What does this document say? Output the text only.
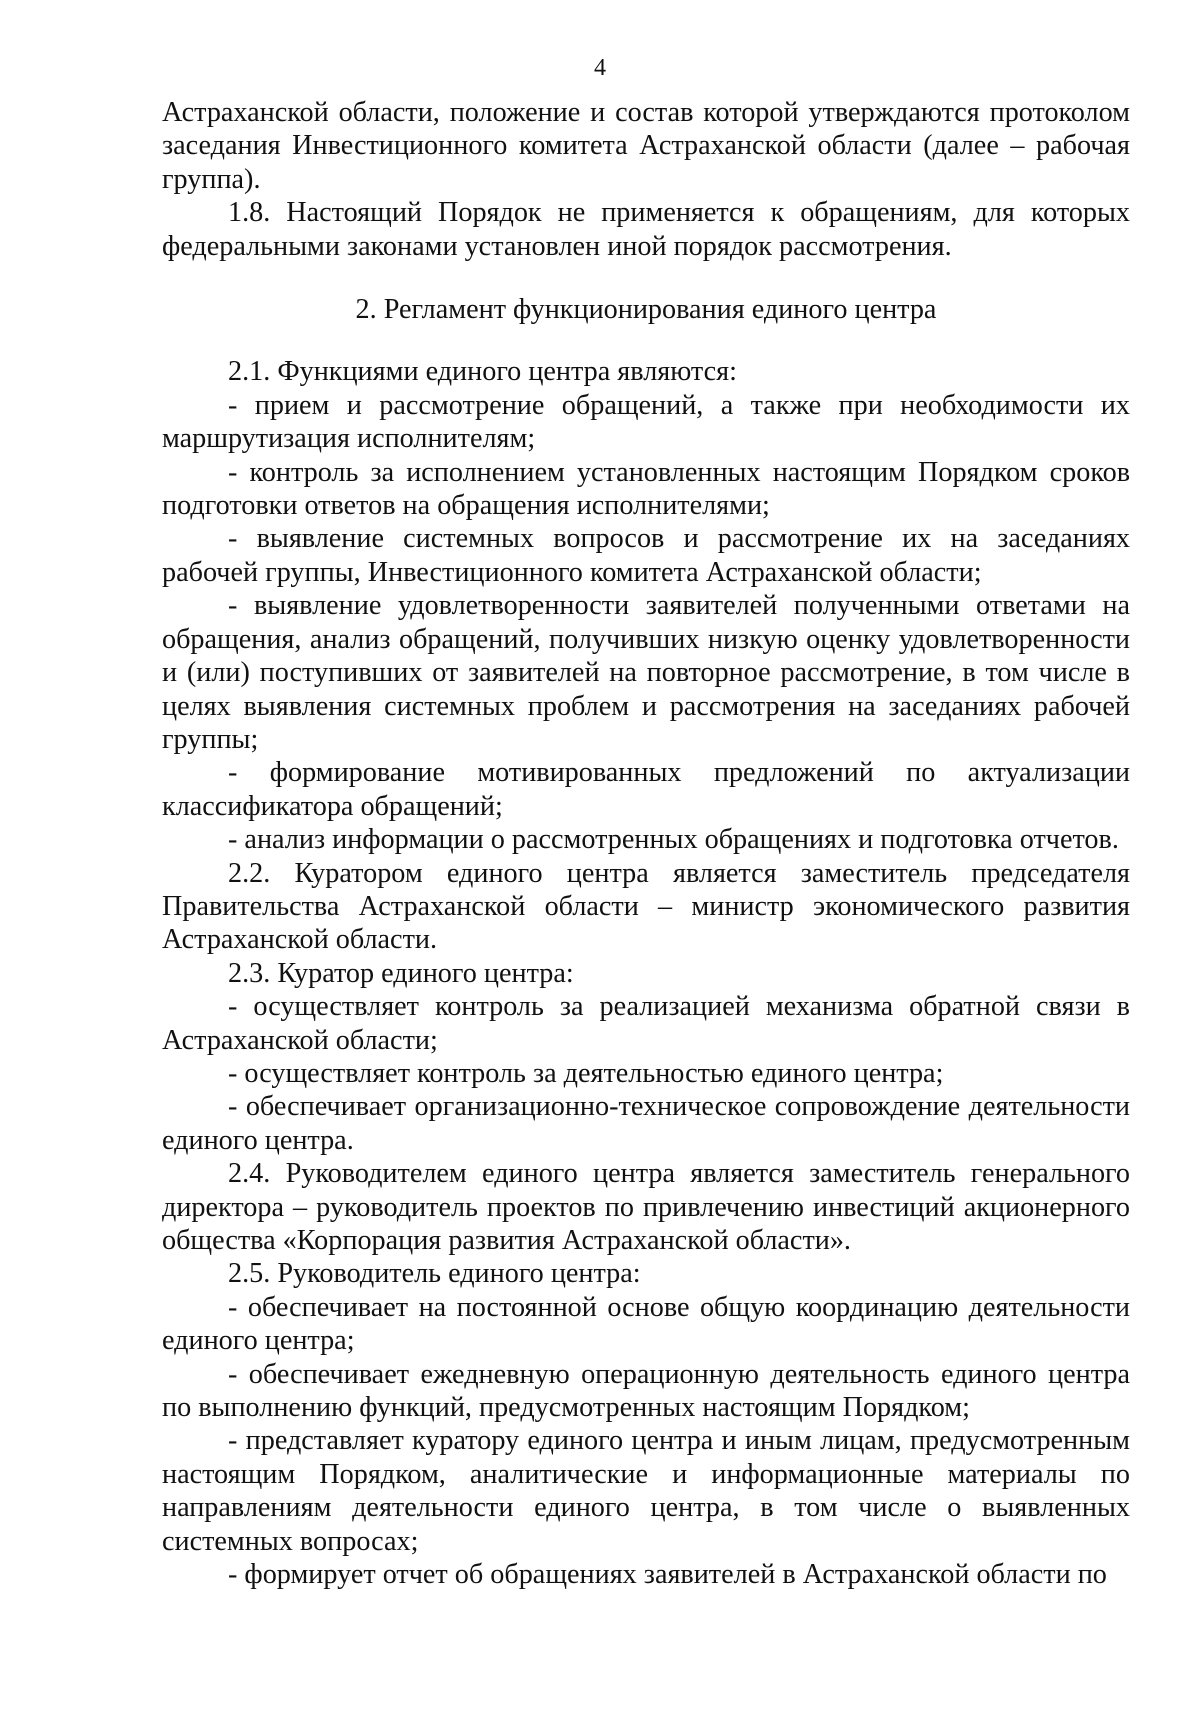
4

Астраханской области, положение и состав которой утверждаются протоколом заседания Инвестиционного комитета Астраханской области (далее – рабочая группа).

1.8. Настоящий Порядок не применяется к обращениям, для которых федеральными законами установлен иной порядок рассмотрения.

2. Регламент функционирования единого центра

2.1. Функциями единого центра являются:

- прием и рассмотрение обращений, а также при необходимости их маршрутизация исполнителям;

- контроль за исполнением установленных настоящим Порядком сроков подготовки ответов на обращения исполнителями;

- выявление системных вопросов и рассмотрение их на заседаниях рабочей группы, Инвестиционного комитета Астраханской области;

- выявление удовлетворенности заявителей полученными ответами на обращения, анализ обращений, получивших низкую оценку удовлетворенности и (или) поступивших от заявителей на повторное рассмотрение, в том числе в целях выявления системных проблем и рассмотрения на заседаниях рабочей группы;

- формирование мотивированных предложений по актуализации классификатора обращений;

- анализ информации о рассмотренных обращениях и подготовка отчетов.

2.2. Куратором единого центра является заместитель председателя Правительства Астраханской области – министр экономического развития Астраханской области.

2.3. Куратор единого центра:

- осуществляет контроль за реализацией механизма обратной связи в Астраханской области;

- осуществляет контроль за деятельностью единого центра;

- обеспечивает организационно-техническое сопровождение деятельности единого центра.

2.4. Руководителем единого центра является заместитель генерального директора – руководитель проектов по привлечению инвестиций акционерного общества «Корпорация развития Астраханской области».

2.5. Руководитель единого центра:

- обеспечивает на постоянной основе общую координацию деятельности единого центра;

- обеспечивает ежедневную операционную деятельность единого центра по выполнению функций, предусмотренных настоящим Порядком;

- представляет куратору единого центра и иным лицам, предусмотренным настоящим Порядком, аналитические и информационные материалы по направлениям деятельности единого центра, в том числе о выявленных системных вопросах;

- формирует отчет об обращениях заявителей в Астраханской области по
